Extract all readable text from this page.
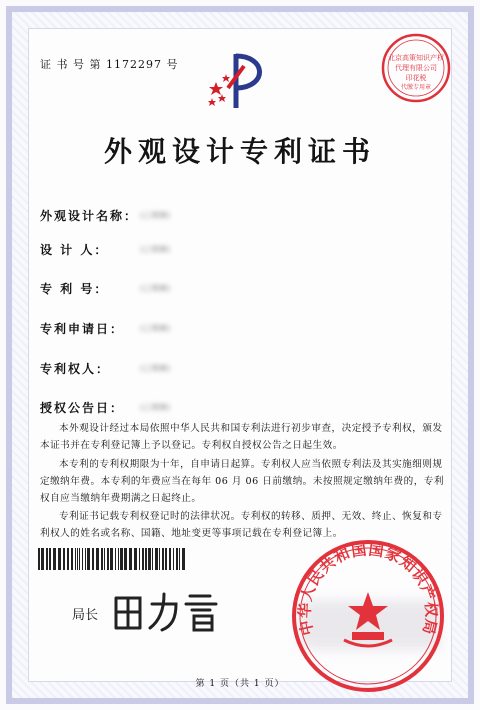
证 书 号 第 1172297 号	北京高策知识产权
代理有限公司
印花税
代缴专用章
外观设计专利证书
外观设计名称： (已模糊)
设 计 人：	(已模糊)
专 利 号：	(已模糊)
专利申请日： (已模糊)
专利权人：	(已模糊)
授权公告日： (已模糊)
本外观设计经过本局依照中华人民共和国专利法进行初步审查，决定授予专利权，颁发本证书并在专利登记簿上予以登记。专利权自授权公告之日起生效。
本专利的专利权期限为十年，自申请日起算。专利权人应当依照专利法及其实施细则规定缴纳年费。本专利的年费应当在每年 06 月 06 日前缴纳。未按照规定缴纳年费的，专利权自应当缴纳年费期满之日起终止。
专利证书记载专利权登记时的法律状况。专利权的转移、质押、无效、终止、恢复和专利权人的姓名或名称、国籍、地址变更等事项记载在专利登记簿上。
局长
中华人民共和国国家知识产权局
第 1 页（共 1 页）
